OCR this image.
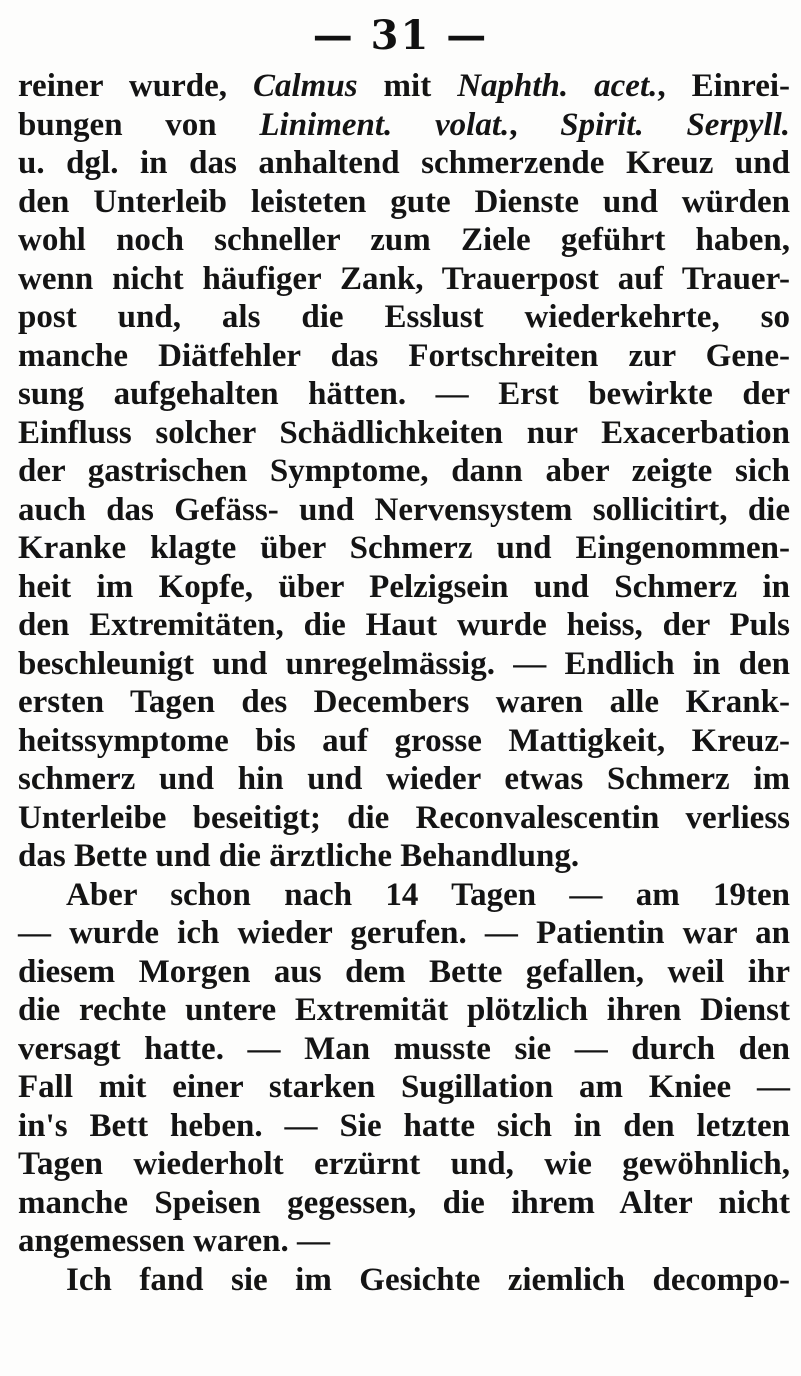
— 31 —
reiner wurde, Calmus mit Naphth. acet., Einrei-
bungen von Liniment. volat., Spirit. Serpyll.
u. dgl. in das anhaltend schmerzende Kreuz und
den Unterleib leisteten gute Dienste und würden
wohl noch schneller zum Ziele geführt haben,
wenn nicht häufiger Zank, Trauerpost auf Trauer-
post und, als die Esslust wiederkehrte, so
manche Diätfehler das Fortschreiten zur Gene-
sung aufgehalten hätten. — Erst bewirkte der
Einfluss solcher Schädlichkeiten nur Exacerbation
der gastrischen Symptome, dann aber zeigte sich
auch das Gefäss- und Nervensystem sollicitirt, die
Kranke klagte über Schmerz und Eingenommen-
heit im Kopfe, über Pelzigsein und Schmerz in
den Extremitäten, die Haut wurde heiss, der Puls
beschleunigt und unregelmässig. — Endlich in den
ersten Tagen des Decembers waren alle Krank-
heitssymptome bis auf grosse Mattigkeit, Kreuz-
schmerz und hin und wieder etwas Schmerz im
Unterleibe beseitigt; die Reconvalescentin verliess
das Bette und die ärztliche Behandlung.
Aber schon nach 14 Tagen — am 19ten
— wurde ich wieder gerufen. — Patientin war an
diesem Morgen aus dem Bette gefallen, weil ihr
die rechte untere Extremität plötzlich ihren Dienst
versagt hatte. — Man musste sie — durch den
Fall mit einer starken Sugillation am Kniee —
in's Bett heben. — Sie hatte sich in den letzten
Tagen wiederholt erzürnt und, wie gewöhnlich,
manche Speisen gegessen, die ihrem Alter nicht
angemessen waren. —
Ich fand sie im Gesichte ziemlich decompo-
